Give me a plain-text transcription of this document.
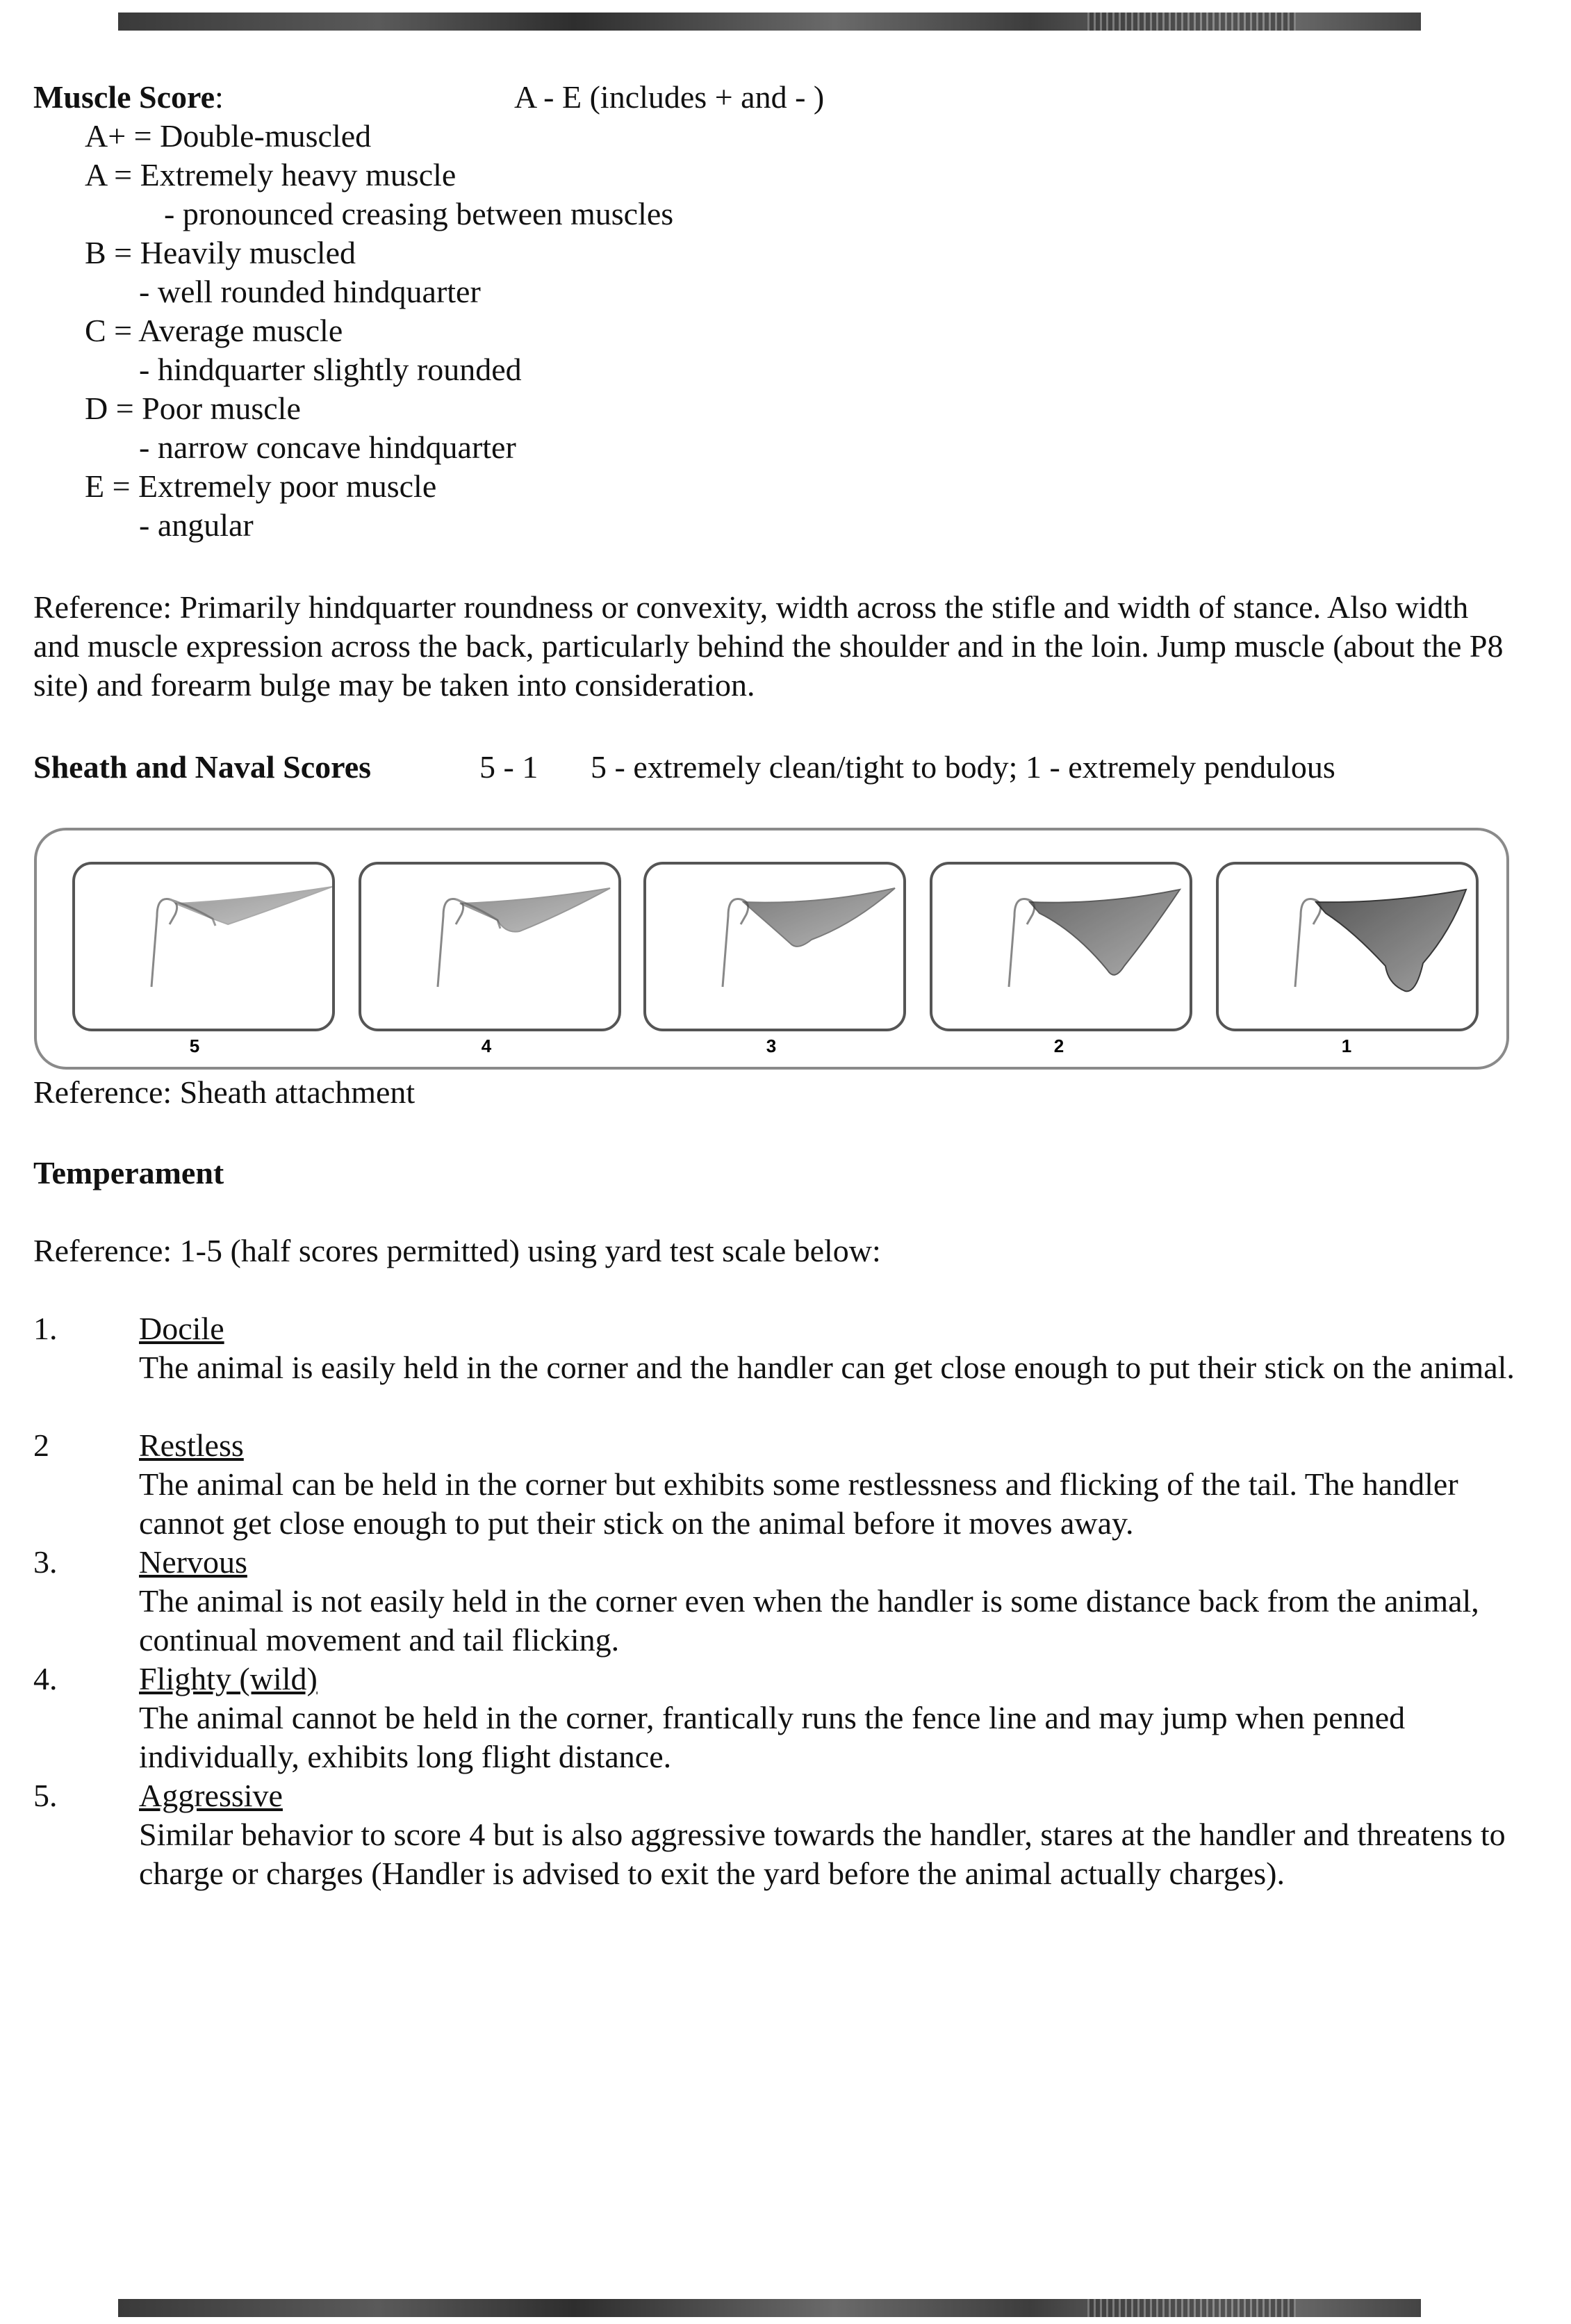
Muscle Score:	A - E (includes + and - )
A+ = Double-muscled
A = Extremely heavy muscle
- pronounced creasing between muscles
B = Heavily muscled
- well rounded hindquarter
C = Average muscle
- hindquarter slightly rounded
D = Poor muscle
- narrow concave hindquarter
E = Extremely poor muscle
- angular
Reference: Primarily hindquarter roundness or convexity, width across the stifle and width of stance. Also width and muscle expression across the back, particularly behind the shoulder and in the loin. Jump muscle (about the P8 site) and forearm bulge may be taken into consideration.
Sheath and Naval Scores	5 - 1 5 - extremely clean/tight to body; 1 - extremely pendulous
5	4	3	2	1
Reference: Sheath attachment
Temperament
Reference: 1-5 (half scores permitted) using yard test scale below:
1.	Docile
The animal is easily held in the corner and the handler can get close enough to put their stick on the animal.
2	Restless
The animal can be held in the corner but exhibits some restlessness and flicking of the tail. The handler cannot get close enough to put their stick on the animal before it moves away.
3.	Nervous
The animal is not easily held in the corner even when the handler is some distance back from the animal, continual movement and tail flicking.
4.	Flighty (wild)
The animal cannot be held in the corner, frantically runs the fence line and may jump when penned individually, exhibits long flight distance.
5.	Aggressive
Similar behavior to score 4 but is also aggressive towards the handler, stares at the handler and threatens to charge or charges (Handler is advised to exit the yard before the animal actually charges).
